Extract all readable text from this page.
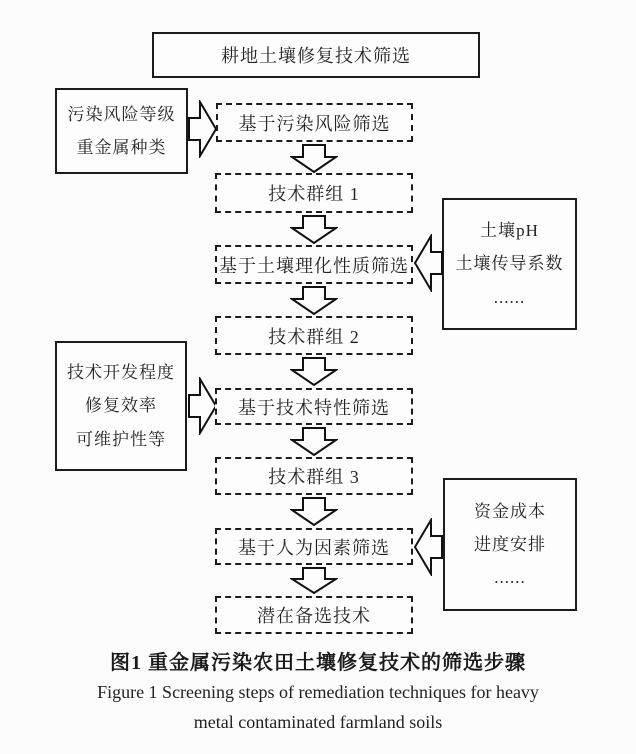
耕地土壤修复技术筛选
污染风险等级
重金属种类
基于污染风险筛选
技术群组 1
土壤pH
土壤传导系数
......
基于土壤理化性质筛选
技术群组 2
技术开发程度
修复效率
可维护性等
基于技术特性筛选
技术群组 3
资金成本
进度安排
......
基于人为因素筛选
潜在备选技术
图1 重金属污染农田土壤修复技术的筛选步骤
Figure 1 Screening steps of remediation techniques for heavy
metal contaminated farmland soils
